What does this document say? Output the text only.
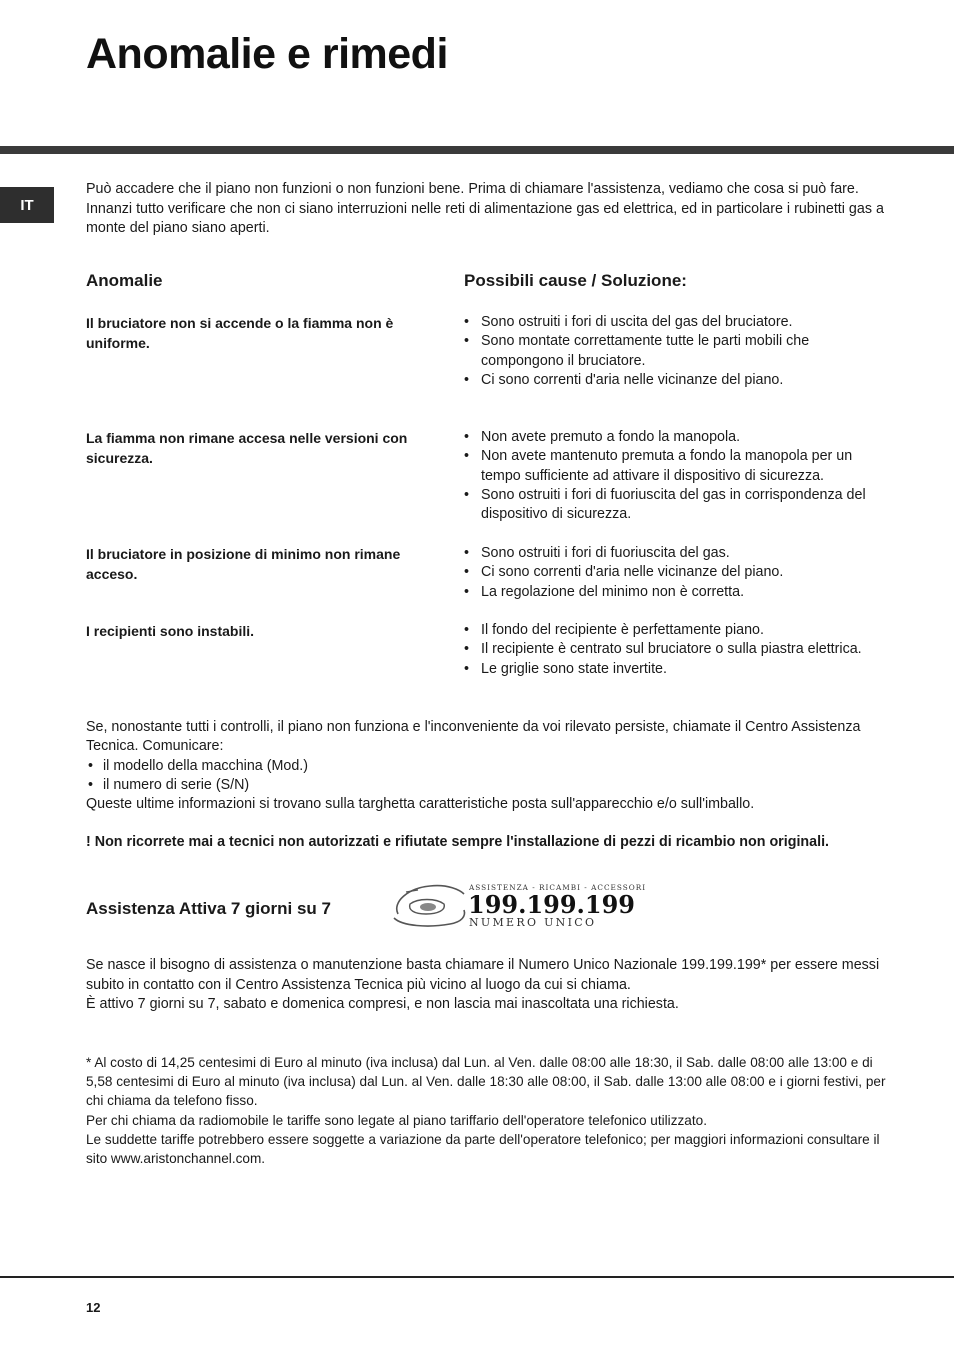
Anomalie e rimedi
IT

Può accadere che il piano non funzioni o non funzioni bene. Prima di chiamare l'assistenza, vediamo che cosa si può fare. Innanzi tutto verificare che non ci siano interruzioni nelle reti di alimentazione gas ed elettrica, ed in particolare i rubinetti gas a monte del piano siano aperti.

Anomalie	Possibili cause / Soluzione:

Il bruciatore non si accende o la fiamma non è uniforme.

• Sono ostruiti i fori di uscita del gas del bruciatore.
• Sono montate correttamente tutte le parti mobili che compongono il bruciatore.
• Ci sono correnti d'aria nelle vicinanze del piano.

La fiamma non rimane accesa nelle versioni con sicurezza.

• Non avete premuto a fondo la manopola.
• Non avete mantenuto premuta a fondo la manopola per un tempo sufficiente ad attivare il dispositivo di sicurezza.
• Sono ostruiti i fori di fuoriuscita del gas in corrispondenza del dispositivo di sicurezza.

Il bruciatore in posizione di minimo non rimane acceso.

• Sono ostruiti i fori di fuoriuscita del gas.
• Ci sono correnti d'aria nelle vicinanze del piano.
• La regolazione del minimo non è corretta.

I recipienti sono instabili.

•	Il fondo del recipiente è perfettamente piano.
• Il recipiente è centrato sul bruciatore o sulla piastra elettrica.
• Le griglie sono state invertite.

Se, nonostante tutti i controlli, il piano non funziona e l'inconveniente da voi rilevato persiste, chiamate il Centro Assistenza Tecnica. Comunicare:

• il modello della macchina (Mod.)
• il numero di serie (S/N)

Queste ultime informazioni si trovano sulla targhetta caratteristiche posta sull'apparecchio e/o sull'imballo.

! Non ricorrete mai a tecnici non autorizzati e rifiutate sempre l'installazione di pezzi di ricambio non originali.

Assistenza Attiva 7 giorni su 7

ASSISTENZA - RICAMBI - ACCESSORI
199.199.199
NUMERO UNICO

Se nasce il bisogno di assistenza o manutenzione basta chiamare il Numero Unico Nazionale 199.199.199* per essere messi subito in contatto con il Centro Assistenza Tecnica più vicino al luogo da cui si chiama.
È attivo 7 giorni su 7, sabato e domenica compresi, e non lascia mai inascoltata una richiesta.

* Al costo di 14,25 centesimi di Euro al minuto (iva inclusa) dal Lun. al Ven. dalle 08:00 alle 18:30, il Sab. dalle 08:00 alle 13:00 e di 5,58 centesimi di Euro al minuto (iva inclusa) dal Lun. al Ven. dalle 18:30 alle 08:00, il Sab. dalle 13:00 alle 08:00 e i giorni festivi, per chi chiama da telefono fisso.
Per chi chiama da radiomobile le tariffe sono legate al piano tariffario dell'operatore telefonico utilizzato.
Le suddette tariffe potrebbero essere soggette a variazione da parte dell'operatore telefonico; per maggiori informazioni consultare il sito www.aristonchannel.com.

12
